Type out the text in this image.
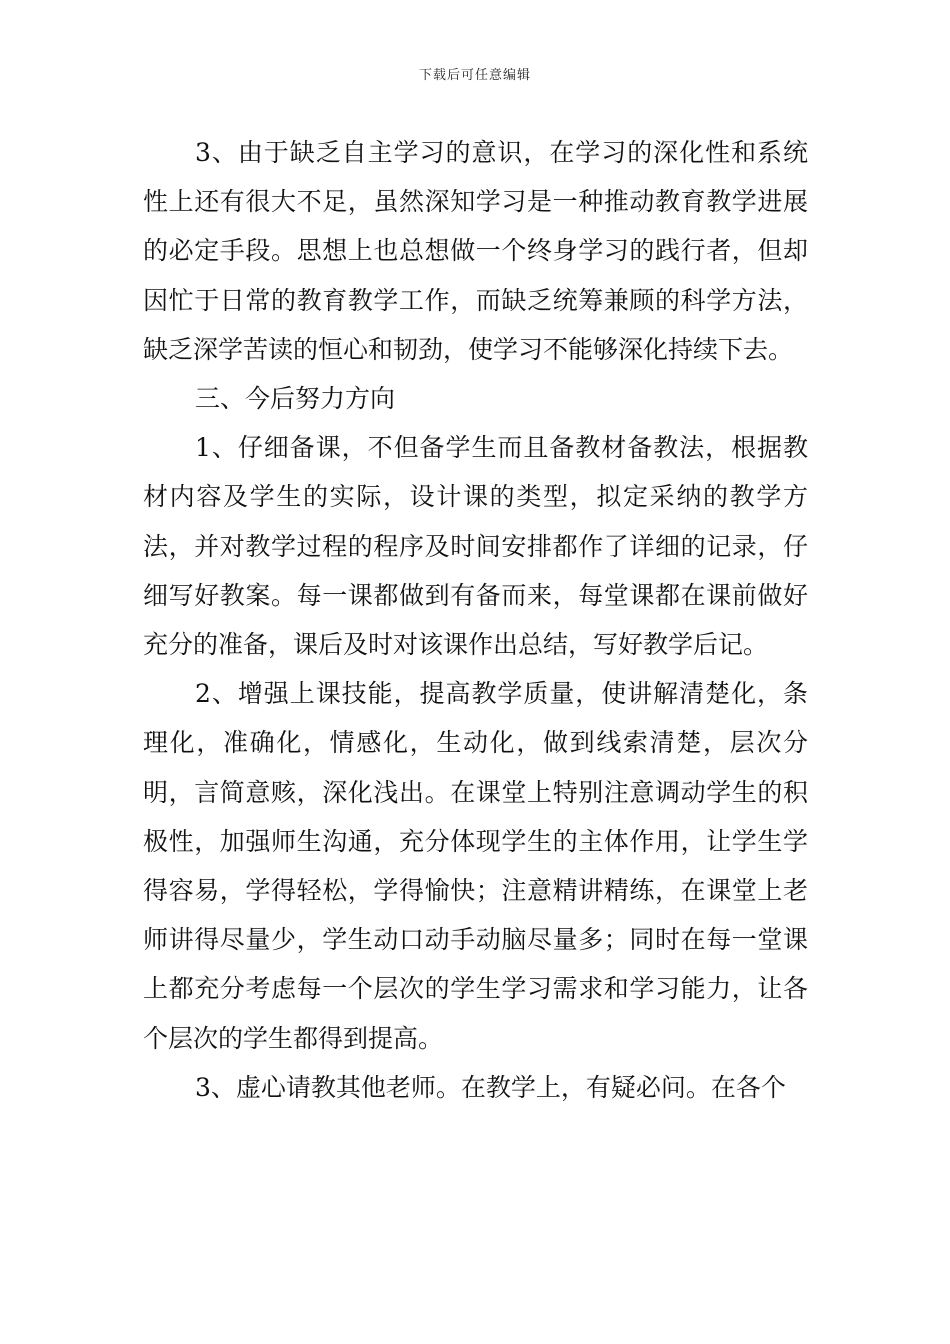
下载后可任意编辑

3、由于缺乏自主学习的意识，在学习的深化性和系统性上还有很大不足，虽然深知学习是一种推动教育教学进展的必定手段。思想上也总想做一个终身学习的践行者，但却因忙于日常的教育教学工作，而缺乏统筹兼顾的科学方法，缺乏深学苦读的恒心和韧劲，使学习不能够深化持续下去。

三、今后努力方向

1、仔细备课，不但备学生而且备教材备教法，根据教材内容及学生的实际，设计课的类型，拟定采纳的教学方法，并对教学过程的程序及时间安排都作了详细的记录，仔细写好教案。每一课都做到有备而来，每堂课都在课前做好充分的准备，课后及时对该课作出总结，写好教学后记。

2、增强上课技能，提高教学质量，使讲解清楚化，条理化，准确化，情感化，生动化，做到线索清楚，层次分明，言简意赅，深化浅出。在课堂上特别注意调动学生的积极性，加强师生沟通，充分体现学生的主体作用，让学生学得容易，学得轻松，学得愉快；注意精讲精练，在课堂上老师讲得尽量少，学生动口动手动脑尽量多；同时在每一堂课上都充分考虑每一个层次的学生学习需求和学习能力，让各个层次的学生都得到提高。

3、虚心请教其他老师。在教学上，有疑必问。在各个
